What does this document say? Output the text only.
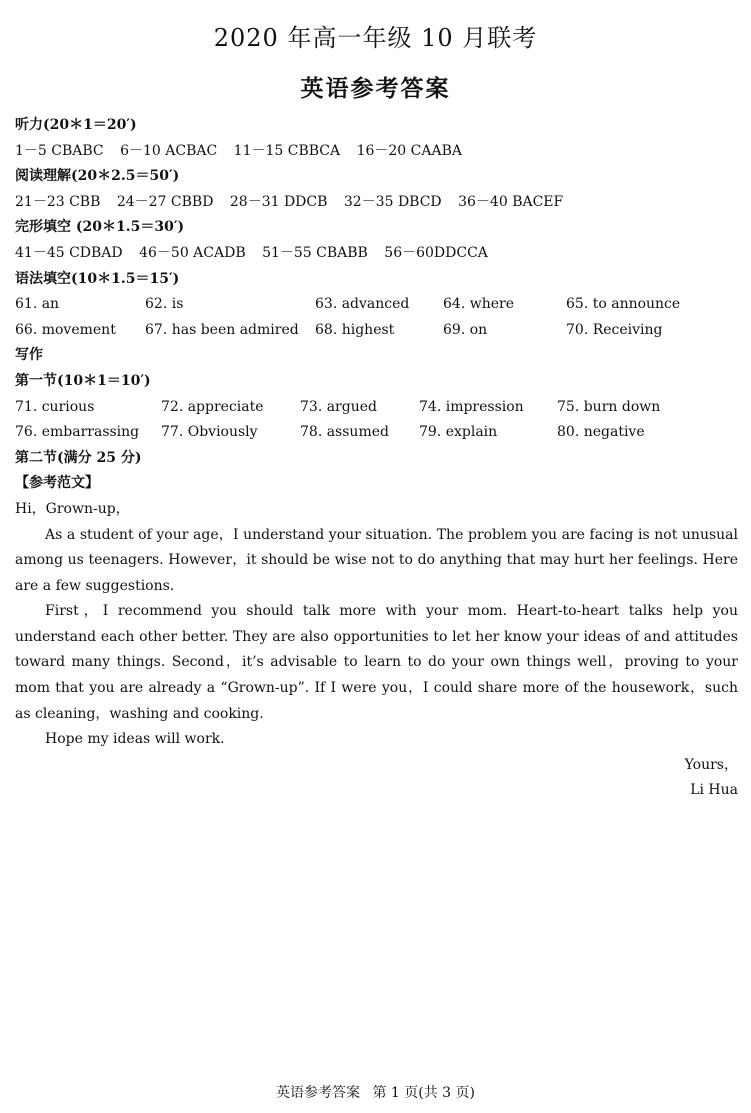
2020 年高一年级 10 月联考
英语参考答案
听力(20＊1＝20′)
1－5 CBABC 6－10 ACBAC 11－15 CBBCA 16－20 CAABA
阅读理解(20＊2.5＝50′)
21－23 CBB 24－27 CBBD 28－31 DDCB 32－35 DBCD 36－40 BACEF
完形填空 (20＊1.5＝30′)
41－45 CDBAD 46－50 ACADB 51－55 CBABB 56－60DDCCA
语法填空(10＊1.5＝15′)
61. an	62. is	63. advanced 64. where	65. to announce
66. movement 67. has been admired 68. highest	69. on	70. Receiving
写作
第一节(10＊1＝10′)
71. curious	72. appreciate	73. argued	74. impression 75. burn down
76. embarrassing 77. Obviously	78. assumed 79. explain	80. negative
第二节(满分 25 分)
【参考范文】
Hi，Grown-up，

As a student of your age，I understand your situation. The problem you are facing is not unusual among us teenagers. However，it should be wise not to do anything that may hurt her feelings. Here are a few suggestions.

First，I recommend you should talk more with your mom. Heart-to-heart talks help you understand each other better. They are also opportunities to let her know your ideas of and attitudes toward many things. Second，it’s advisable to learn to do your own things well，proving to your mom that you are already a “Grown-up”. If I were you，I could share more of the housework，such as cleaning，washing and cooking.

Hope my ideas will work.

Yours，
Li Hua
英语参考答案 第 1 页(共 3 页)
